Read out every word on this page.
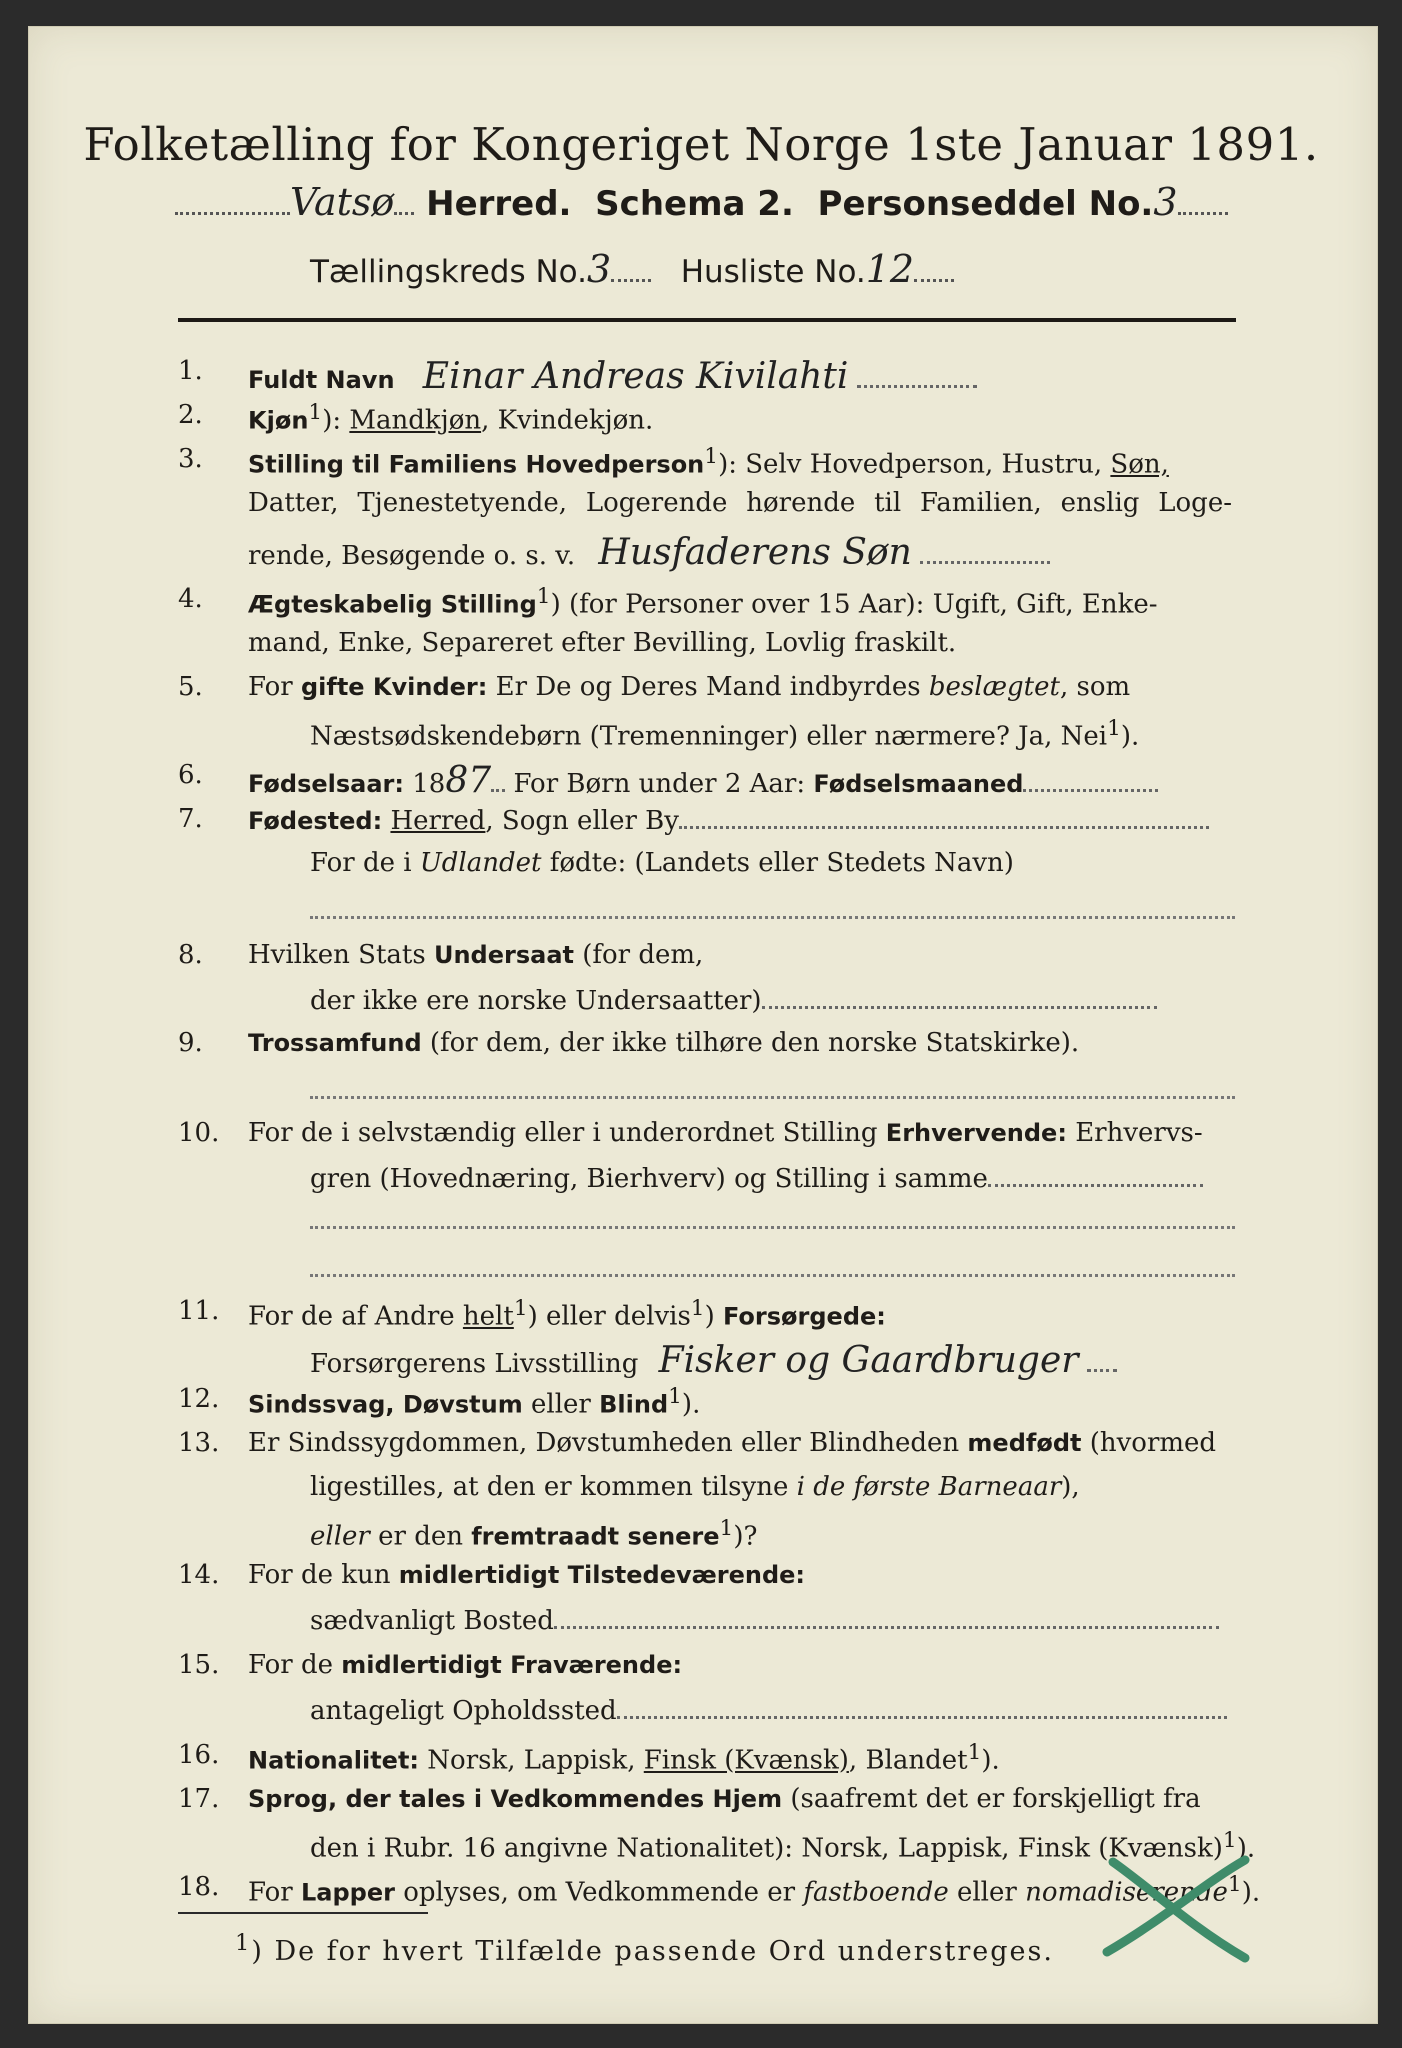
Folketælling for Kongeriget Norge 1ste Januar 1891.
Vatsø Herred. Schema 2. Personseddel No.3
Tællingskreds No.3 Husliste No.12
1.	Fuldt Navn Einar Andreas Kivilahti
2.	Kjøn$^1$): Mandkjøn, Kvindekjøn.
3.	Stilling til Familiens Hovedperson$^1$): Selv Hovedperson, Hustru, Søn,
Datter, Tjenestetyende, Logerende hørende til Familien, enslig Loge-
rende, Besøgende o. s. v. Husfaderens Søn
4.	Ægteskabelig Stilling$^1$) (for Personer over 15 Aar): Ugift, Gift, Enke-
mand, Enke, Separeret efter Bevilling, Lovlig fraskilt.
5.	For gifte Kvinder: Er De og Deres Mand indbyrdes beslægtet, som
Næstsødskendebørn (Tremenninger) eller nærmere? Ja, Nei$^1$).
6.	Fødselsaar: 1887 For Børn under 2 Aar: Fødselsmaaned
7.	Fødested: Herred, Sogn eller By
For de i Udlandet fødte: (Landets eller Stedets Navn)
8.	Hvilken Stats Undersaat (for dem,
der ikke ere norske Undersaatter)
9.	Trossamfund (for dem, der ikke tilhøre den norske Statskirke).
10.	For de i selvstændig eller i underordnet Stilling Erhvervende: Erhvervs-
gren (Hovednæring, Bierhverv) og Stilling i samme
11.	For de af Andre helt$^1$) eller delvis$^1$) Forsørgede:
Forsørgerens Livsstilling Fisker og Gaardbruger
12.	Sindssvag, Døvstum eller Blind$^1$).
13.	Er Sindssygdommen, Døvstumheden eller Blindheden medfødt (hvormed
ligestilles, at den er kommen tilsyne i de første Barneaar),
eller er den fremtraadt senere$^1$)?
14.	For de kun midlertidigt Tilstedeværende:
sædvanligt Bosted
15.	For de midlertidigt Fraværende:
antageligt Opholdssted
16.	Nationalitet: Norsk, Lappisk, Finsk (Kvænsk), Blandet$^1$).
17.	Sprog, der tales i Vedkommendes Hjem (saafremt det er forskjelligt fra
den i Rubr. 16 angivne Nationalitet): Norsk, Lappisk, Finsk (Kvænsk)$^1$).
18.	For Lapper oplyses, om Vedkommende er fastboende eller nomadiserende$^1$).
$^1$) De for hvert Tilfælde passende Ord understreges.
